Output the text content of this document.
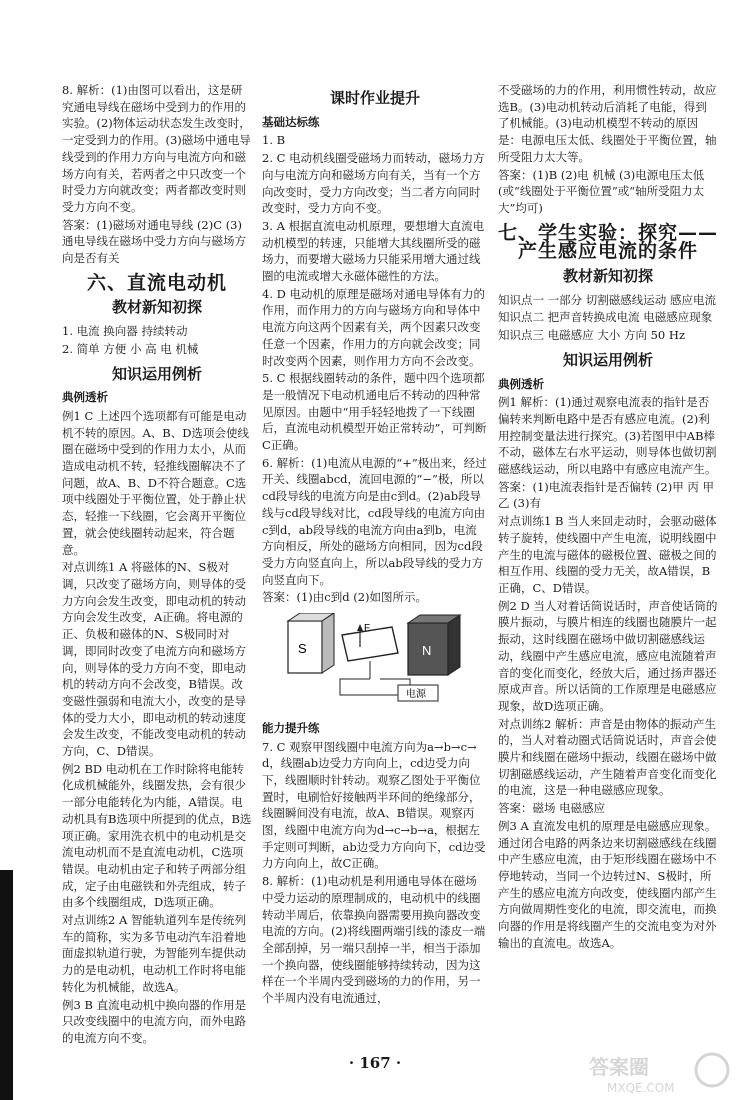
8. 解析：(1)由图可以看出，这是研究通电导线在磁场中受到力的作用的实验。(2)物体运动状态发生改变时，一定受到力的作用。(3)磁场中通电导线受到的作用力方向与电流方向和磁场方向有关，若两者之中只改变一个时受力方向就改变；两者都改变时则受力方向不变。

答案：(1)磁场对通电导线 (2)C (3)通电导线在磁场中受力方向与磁场方向是否有关

六、直流电动机
教材新知初探

1. 电流 换向器 持续转动

2. 简单 方便 小 高 电 机械

知识运用例析
典例透析

例1 C 上述四个选项都有可能是电动机不转的原因。A、B、D选项会使线圈在磁场中受到的作用力太小，从而造成电动机不转，轻推线圈解决不了问题，故A、B、D不符合题意。C选项中线圈处于平衡位置，处于静止状态，轻推一下线圈，它会离开平衡位置，就会使线圈转动起来，符合题意。

对点训练1 A 将磁体的N、S极对调，只改变了磁场方向，则导体的受力方向会发生改变，即电动机的转动方向会发生改变，A正确。将电源的正、负极和磁体的N、S极同时对调，即同时改变了电流方向和磁场方向，则导体的受力方向不变，即电动机的转动方向不会改变，B错误。改变磁性强弱和电流大小，改变的是导体的受力大小，即电动机的转动速度会发生改变，不能改变电动机的转动方向，C、D错误。

例2 BD 电动机在工作时除将电能转化成机械能外，线圈发热，会有很少一部分电能转化为内能，A错误。电动机具有B选项中所提到的优点，B选项正确。家用洗衣机中的电动机是交流电动机而不是直流电动机，C选项错误。电动机由定子和转子两部分组成，定子由电磁铁和外壳组成，转子由多个线圈组成，D选项正确。

对点训练2 A 智能轨道列车是传统列车的简称，实为多节电动汽车沿着地面虚拟轨道行驶，为智能列车提供动力的是电动机，电动机工作时将电能转化为机械能，故选A。

例3 B 直流电动机中换向器的作用是只改变线圈中的电流方向，而外电路的电流方向不变。

课时作业提升
基础达标练

1. B

2. C 电动机线圈受磁场力而转动，磁场力方向与电流方向和磁场方向有关，当有一个方向改变时，受力方向改变；当二者方向同时改变时，受力方向不变。

3. A 根据直流电动机原理，要想增大直流电动机模型的转速，只能增大其线圈所受的磁场力，而要增大磁场力只能采用增大通过线圈的电流或增大永磁体磁性的方法。

4. D 电动机的原理是磁场对通电导体有力的作用，而作用力的方向与磁场方向和导体中电流方向这两个因素有关，两个因素只改变任意一个因素，作用力的方向就会改变；同时改变两个因素，则作用力方向不会改变。

5. C 根据线圈转动的条件，题中四个选项都是一般情况下电动机通电后不转动的四种常见原因。由题中“用手轻轻地拨了一下线圈后，直流电动机模型开始正常转动”，可判断C正确。

6. 解析：(1)电流从电源的“+”极出来，经过开关、线圈abcd，流回电源的“−”极，所以cd段导线的电流方向是由c到d。(2)ab段导线与cd段导线对比，cd段导线的电流方向由c到d，ab段导线的电流方向由a到b，电流方向相反，所处的磁场方向相同，因为cd段受力方向竖直向上，所以ab段导线的受力方向竖直向下。

答案：(1)由c到d (2)如图所示。

S	N
F
电源
能力提升练

7. C 观察甲图线圈中电流方向为a→b→c→d，线圈ab边受力方向向上，cd边受力向下，线圈顺时针转动。观察乙图处于平衡位置时，电刷恰好接触两半环间的绝缘部分，线圈瞬间没有电流，故A、B错误。观察丙图，线圈中电流方向为d→c→b→a，根据左手定则可判断，ab边受力方向向下，cd边受力方向向上，故C正确。

8. 解析：(1)电动机是利用通电导体在磁场中受力运动的原理制成的，电动机中的线圈转动半周后，依靠换向器需要用换向器改变电流的方向。(2)将线圈两端引线的漆皮一端全部刮掉，另一端只刮掉一半，相当于添加一个换向器，使线圈能够持续转动，因为这样在一个半周内受到磁场的力的作用，另一个半周内没有电流通过，

不受磁场的力的作用，利用惯性转动，故应选B。(3)电动机转动后消耗了电能，得到了机械能。(3)电动机模型不转动的原因是：电源电压太低、线圈处于平衡位置，轴所受阻力太大等。

答案：(1)B (2)电 机械 (3)电源电压太低(或“线圈处于平衡位置”或“轴所受阻力太大”均可)

七、学生实验：探究——
产生感应电流的条件
教材新知初探

知识点一 一部分 切割磁感线运动 感应电流

知识点二 把声音转换成电流 电磁感应现象

知识点三 电磁感应 大小 方向 50 Hz

知识运用例析
典例透析

例1 解析：(1)通过观察电流表的指针是否偏转来判断电路中是否有感应电流。(2)利用控制变量法进行探究。(3)若图甲中AB棒不动，磁体左右水平运动，则导体也做切割磁感线运动，所以电路中有感应电流产生。

答案：(1)电流表指针是否偏转 (2)甲 丙 甲 乙 (3)有

对点训练1 B 当人来回走动时，会驱动磁体转子旋转，使线圈中产生电流，说明线圈中产生的电流与磁体的磁极位置、磁极之间的相互作用、线圈的受力无关，故A错误，B正确，C、D错误。

例2 D 当人对着话筒说话时，声音使话筒的膜片振动，与膜片相连的线圈也随膜片一起振动，这时线圈在磁场中做切割磁感线运动，线圈中产生感应电流，感应电流随着声音的变化而变化，经放大后，通过扬声器还原成声音。所以话筒的工作原理是电磁感应现象，故D选项正确。

对点训练2 解析：声音是由物体的振动产生的，当人对着动圈式话筒说话时，声音会使膜片和线圈在磁场中振动，线圈在磁场中做切割磁感线运动，产生随着声音变化而变化的电流，这是一种电磁感应现象。

答案：磁场 电磁感应

例3 A 直流发电机的原理是电磁感应现象。通过闭合电路的两条边来切割磁感线在线圈中产生感应电流，由于矩形线圈在磁场中不停地转动，当同一个边转过N、S极时，所产生的感应电流方向改变，使线圈内部产生方向做周期性变化的电流，即交流电，而换向器的作用是将线圈产生的交流电变为对外输出的直流电。故选A。

· 167 ·	答案圈
MXQE.COM
